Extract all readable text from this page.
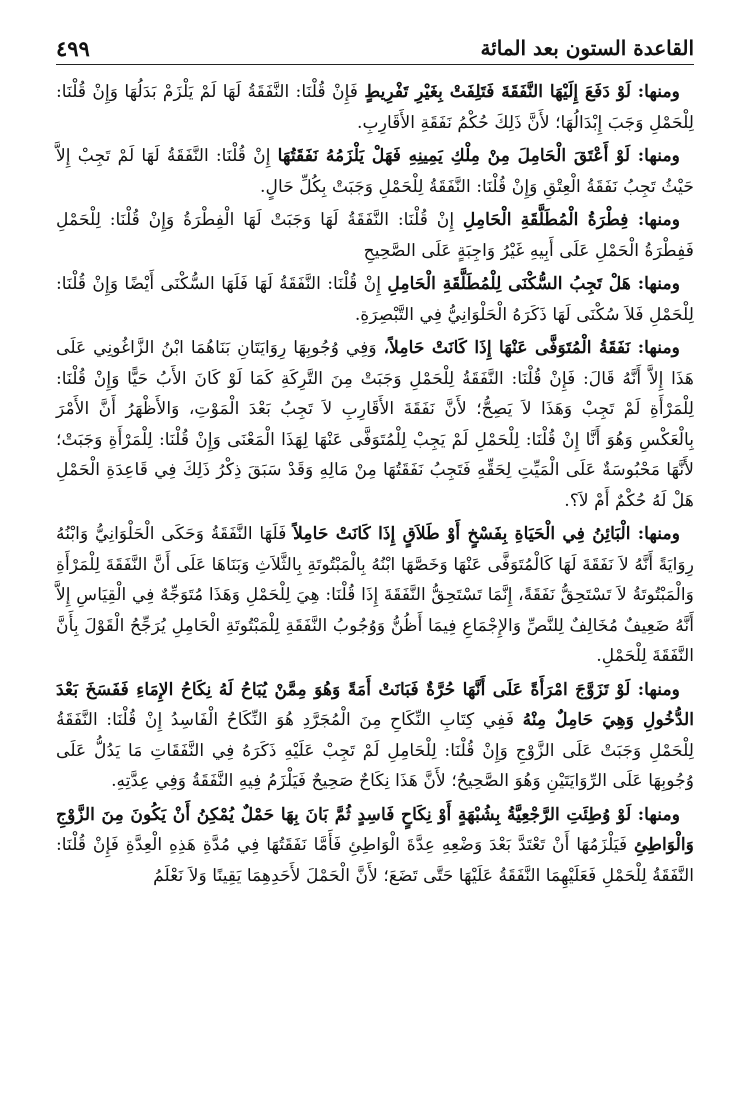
القاعدة الستون بعد المائة
٤٩٩

ومنها: لَوْ دَفَعَ إِلَيْهَا النَّفَقَةَ فَتَلِفَتْ بِغَيْرِ تَفْرِيطٍ فَإِنْ قُلْنَا: النَّفَقَةُ لَهَا لَمْ يَلْزَمْ بَدَلُهَا وَإِنْ قُلْنَا: لِلْحَمْلِ وَجَبَ إِبْدَالُهَا؛ لأَنَّ ذَلِكَ حُكْمُ نَفَقَةِ الأَقَارِبِ.

ومنها: لَوْ أَعْتَقَ الْحَامِلَ مِنْ مِلْكِ يَمِينِهِ فَهَلْ يَلْزَمُهُ نَفَقَتُهَا إِنْ قُلْنَا: النَّفَقَةُ لَهَا لَمْ تَجِبْ إِلاَّ حَيْثُ تَجِبُ نَفَقَةُ الْعِتْقِ وَإِنْ قُلْنَا: النَّفَقَةُ لِلْحَمْلِ وَجَبَتْ بِكُلِّ حَالٍ.

ومنها: فِطْرَةُ الْمُطَلَّقَةِ الْحَامِلِ إِنْ قُلْنَا: النَّفَقَةُ لَهَا وَجَبَتْ لَهَا الْفِطْرَةُ وَإِنْ قُلْنَا: لِلْحَمْلِ فَفِطْرَةُ الْحَمْلِ عَلَى أَبِيهِ غَيْرُ وَاجِبَةٍ عَلَى الصَّحِيحِ

ومنها: هَلْ تَجِبُ السُّكْنَى لِلْمُطَلَّقَةِ الْحَامِلِ إِنْ قُلْنَا: النَّفَقَةُ لَهَا فَلَهَا السُّكْنَى أَيْضًا وَإِنْ قُلْنَا: لِلْحَمْلِ فَلاَ سُكْنَى لَهَا ذَكَرَهُ الْحَلْوَانِيُّ فِي التَّبْصِرَةِ.

ومنها: نَفَقَةُ الْمُتَوَفَّى عَنْهَا إِذَا كَانَتْ حَامِلاً، وَفِي وُجُوبِهَا رِوَايَتَانِ بَنَاهُمَا ابْنُ الزَّاغُونِي عَلَى هَذَا إِلاَّ أَنَّهُ قَالَ: فَإِنْ قُلْنَا: النَّفَقَةُ لِلْحَمْلِ وَجَبَتْ مِنَ التَّرِكَةِ كَمَا لَوْ كَانَ الأَبُ حَيًّا وَإِنْ قُلْنَا: لِلْمَرْأَةِ لَمْ تَجِبْ وَهَذَا لاَ يَصِحُّ؛ لأَنَّ نَفَقَةَ الأَقَارِبِ لاَ تَجِبُ بَعْدَ الْمَوْتِ، وَالأَظْهَرُ أَنَّ الأَمْرَ بِالْعَكْسِ وَهُوَ أَنَّا إِنْ قُلْنَا: لِلْحَمْلِ لَمْ يَجِبْ لِلْمُتَوَفَّى عَنْهَا لِهَذَا الْمَعْنَى وَإِنْ قُلْنَا: لِلْمَرْأَةِ وَجَبَتْ؛ لأَنَّهَا مَحْبُوسَةٌ عَلَى الْمَيِّتِ لِحَقِّهِ فَتَجِبُ نَفَقَتُهَا مِنْ مَالِهِ وَقَدْ سَبَقَ ذِكْرُ ذَلِكَ فِي قَاعِدَةِ الْحَمْلِ هَلْ لَهُ حُكْمٌ أَمْ لاَ؟.

ومنها: الْبَائِنُ فِي الْحَيَاةِ بِفَسْخٍ أَوْ طَلاَقٍ إِذَا كَانَتْ حَامِلاً فَلَهَا النَّفَقَةُ وَحَكَى الْحَلْوَانِيُّ وَابْنُهُ رِوَايَةً أَنَّهُ لاَ نَفَقَةَ لَهَا كَالْمُتَوَفَّى عَنْهَا وَخَصَّهَا ابْنُهُ بِالْمَبْتُوتَةِ بِالثَّلاَثِ وَبَنَاهَا عَلَى أَنَّ النَّفَقَةَ لِلْمَرْأَةِ وَالْمَبْتُوتَةُ لاَ تَسْتَحِقُّ نَفَقَةً، إِنَّمَا تَسْتَحِقُّ النَّفَقَةَ إِذَا قُلْنَا: هِيَ لِلْحَمْلِ وَهَذَا مُتَوَجِّهٌ فِي الْقِيَاسِ إِلاَّ أَنَّهُ ضَعِيفٌ مُخَالِفٌ لِلنَّصِّ وَالإِجْمَاعِ فِيمَا أَظُنُّ وَوُجُوبُ النَّفَقَةِ لِلْمَبْتُوتَةِ الْحَامِلِ يُرَجِّحُ الْقَوْلَ بِأَنَّ النَّفَقَةَ لِلْحَمْلِ.

ومنها: لَوْ تَزَوَّجَ امْرَأَةً عَلَى أَنَّهَا حُرَّةٌ فَبَانَتْ أَمَةً وَهُوَ مِمَّنْ يُبَاحُ لَهُ نِكَاحُ الإِمَاءِ فَفَسَخَ بَعْدَ الدُّخُولِ وَهِيَ حَامِلٌ مِنْهُ فَفِي كِتَابِ النِّكَاحِ مِنَ الْمُجَرَّدِ هُوَ النِّكَاحُ الْفَاسِدُ إِنْ قُلْنَا: النَّفَقَةُ لِلْحَمْلِ وَجَبَتْ عَلَى الزَّوْجِ وَإِنْ قُلْنَا: لِلْحَامِلِ لَمْ تَجِبْ عَلَيْهِ ذَكَرَهُ فِي النَّفَقَاتِ مَا يَدُلُّ عَلَى وُجُوبِهَا عَلَى الرِّوَايَتَيْنِ وَهُوَ الصَّحِيحُ؛ لأَنَّ هَذَا نِكَاحٌ صَحِيحٌ فَيَلْزَمُ فِيهِ النَّفَقَةُ وَفِي عِدَّتِهِ.

ومنها: لَوْ وُطِئَتِ الرَّجْعِيَّةُ بِشُبْهَةٍ أَوْ نِكَاحٍ فَاسِدٍ ثُمَّ بَانَ بِهَا حَمْلٌ يُمْكِنُ أَنْ يَكُونَ مِنَ الزَّوْجِ وَالْوَاطِئِ فَيَلْزَمُهَا أَنْ تَعْتَدَّ بَعْدَ وَضْعِهِ عِدَّةَ الْوَاطِئِ فَأَمَّا نَفَقَتُهَا فِي مُدَّةِ هَذِهِ الْعِدَّةِ فَإِنْ قُلْنَا: النَّفَقَةُ لِلْحَمْلِ فَعَلَيْهِمَا النَّفَقَةُ عَلَيْهَا حَتَّى تَضَعَ؛ لأَنَّ الْحَمْلَ لأَحَدِهِمَا يَقِينًا وَلاَ نَعْلَمُ
